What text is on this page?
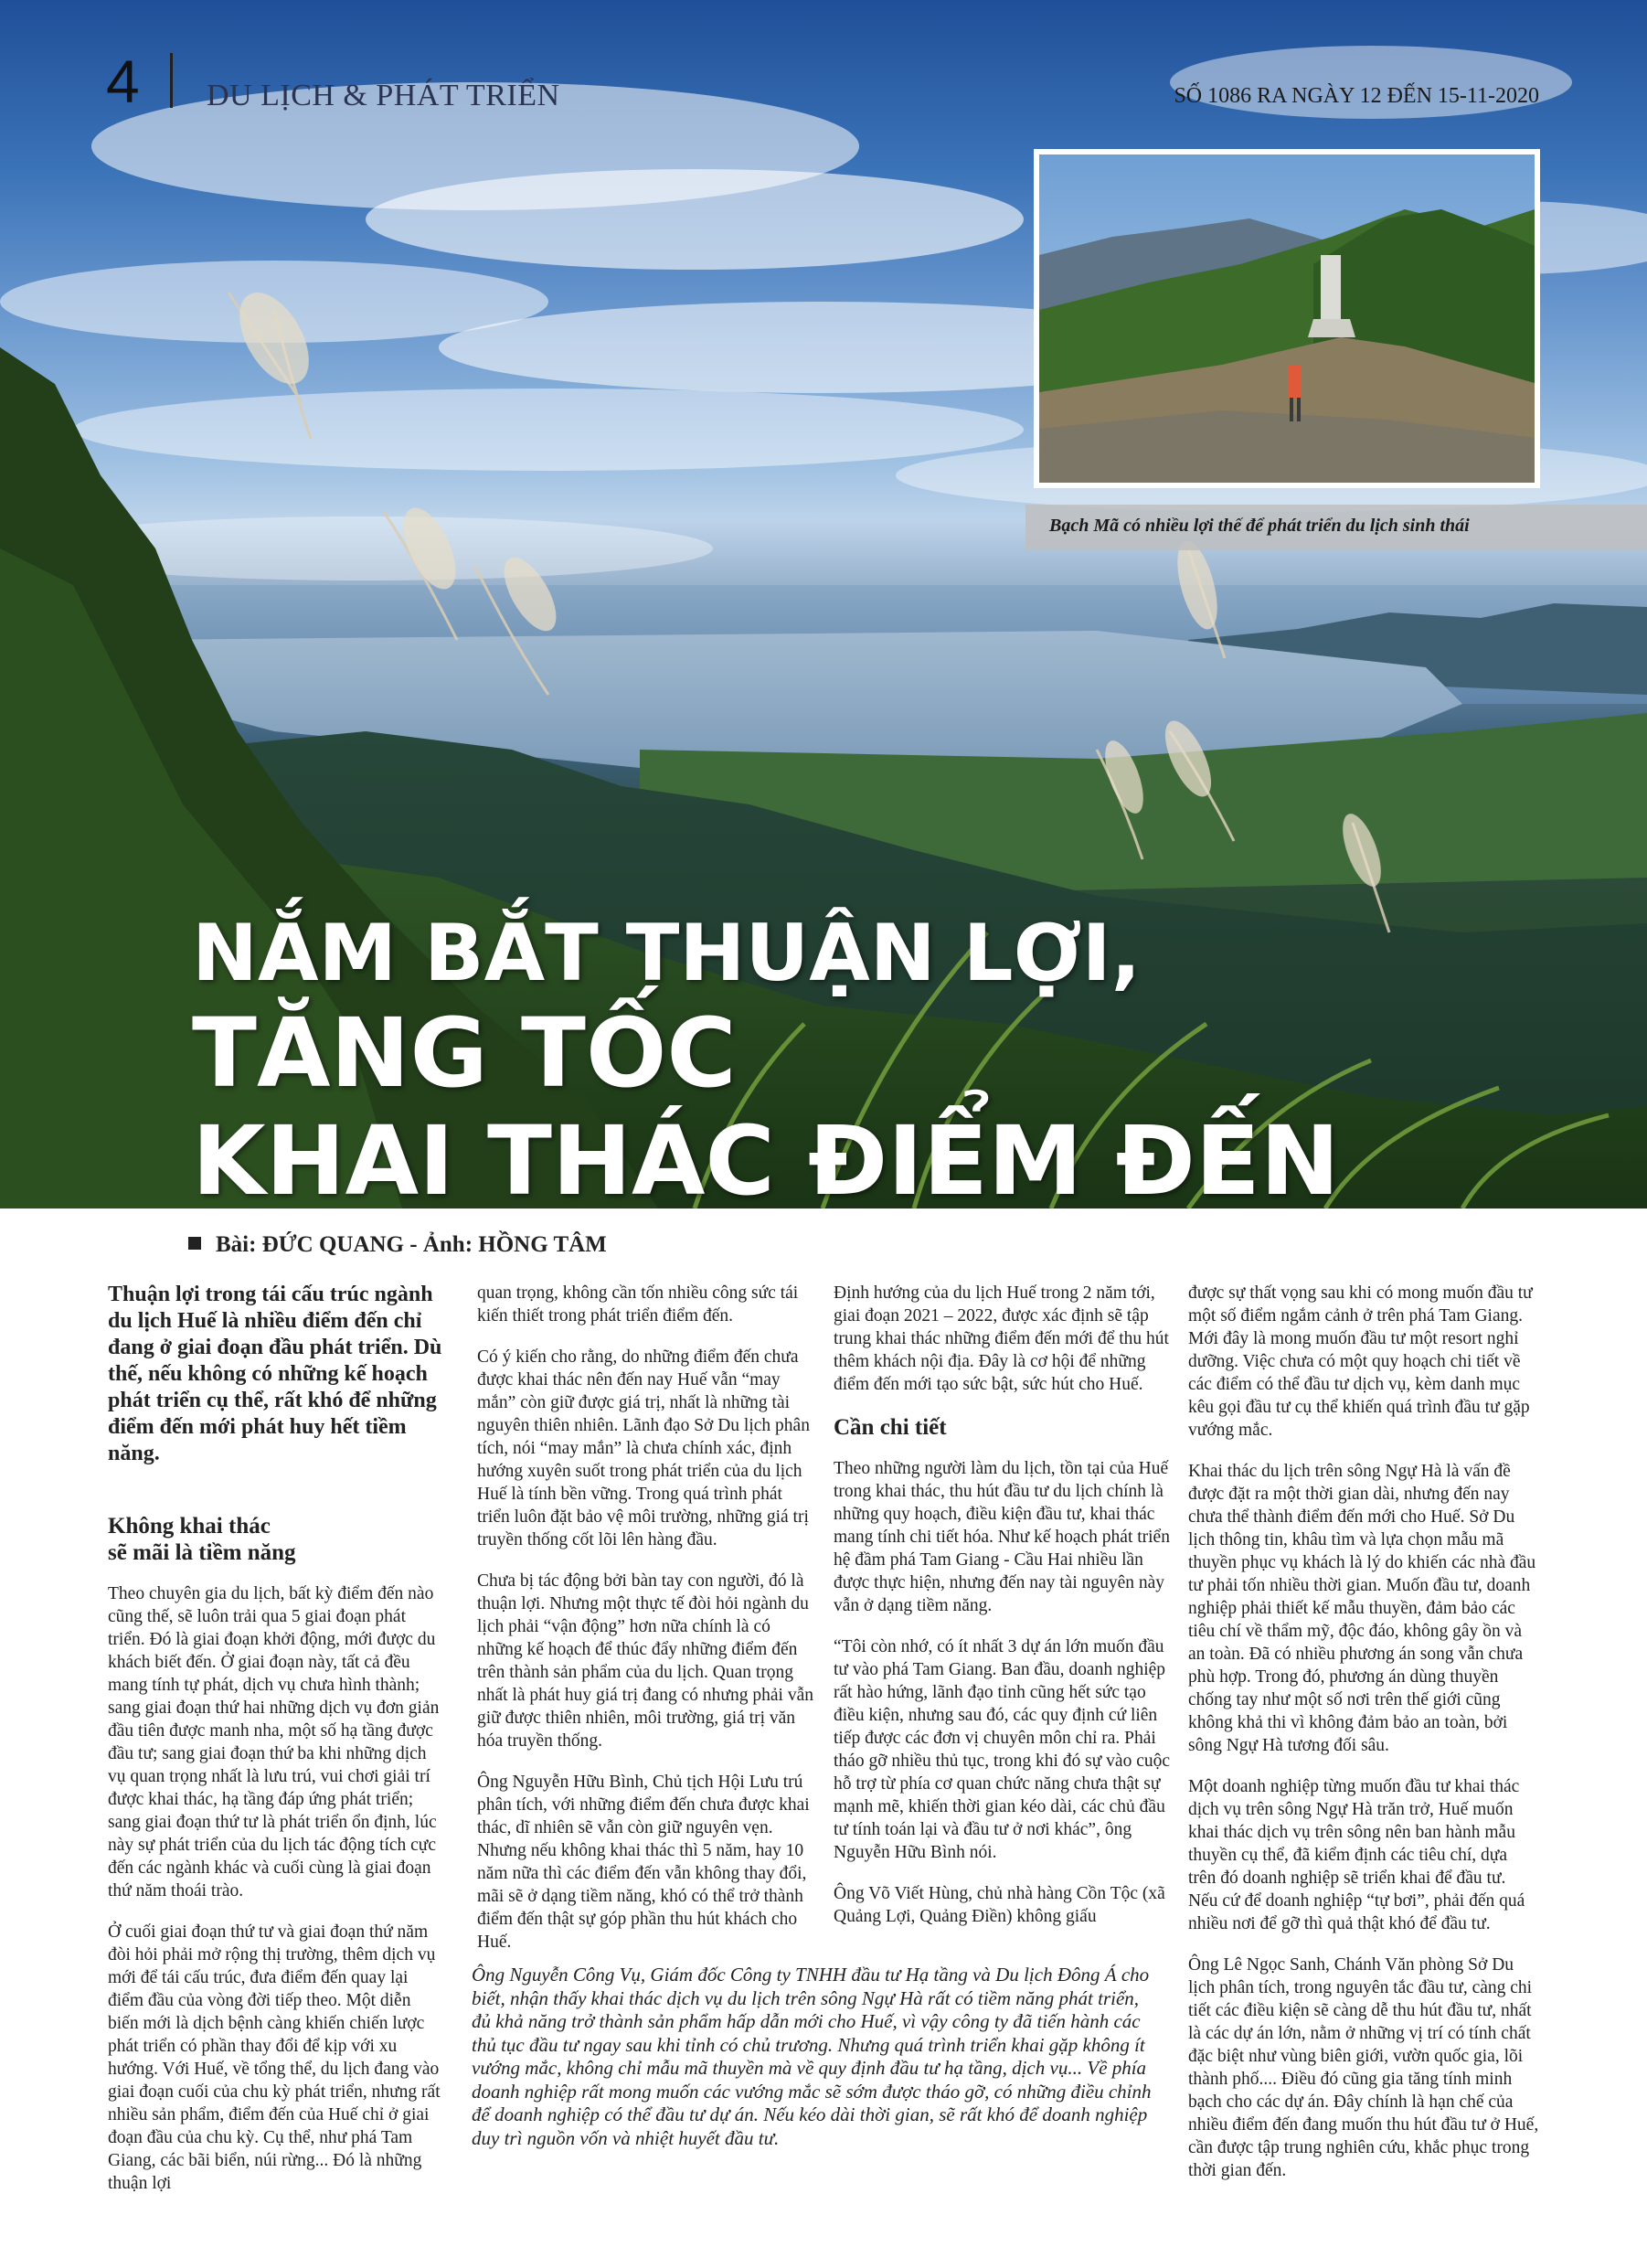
4 DU LỊCH & PHÁT TRIỂN	SỐ 1086 RA NGÀY 12 ĐẾN 15-11-2020
Bạch Mã có nhiều lợi thế để phát triển du lịch sinh thái
NẮM BẮT THUẬN LỢI,
TĂNG TỐC
KHAI THÁC ĐIỂM ĐẾN
Bài: ĐỨC QUANG - Ảnh: HỒNG TÂM

Thuận lợi trong tái cấu trúc ngành du lịch Huế là nhiều điểm đến chỉ đang ở giai đoạn đầu phát triển. Dù thế, nếu không có những kế hoạch phát triển cụ thể, rất khó để những điểm đến mới phát huy hết tiềm năng.

Không khai thác
sẽ mãi là tiềm năng

Theo chuyên gia du lịch, bất kỳ điểm đến nào cũng thế, sẽ luôn trải qua 5 giai đoạn phát triển. Đó là giai đoạn khởi động, mới được du khách biết đến. Ở giai đoạn này, tất cả đều mang tính tự phát, dịch vụ chưa hình thành; sang giai đoạn thứ hai những dịch vụ đơn giản đầu tiên được manh nha, một số hạ tầng được đầu tư; sang giai đoạn thứ ba khi những dịch vụ quan trọng nhất là lưu trú, vui chơi giải trí được khai thác, hạ tầng đáp ứng phát triển; sang giai đoạn thứ tư là phát triển ổn định, lúc này sự phát triển của du lịch tác động tích cực đến các ngành khác và cuối cùng là giai đoạn thứ năm thoái trào.

Ở cuối giai đoạn thứ tư và giai đoạn thứ năm đòi hỏi phải mở rộng thị trường, thêm dịch vụ mới để tái cấu trúc, đưa điểm đến quay lại điểm đầu của vòng đời tiếp theo. Một diễn biến mới là dịch bệnh càng khiến chiến lược phát triển có phần thay đổi để kịp với xu hướng. Với Huế, về tổng thể, du lịch đang vào giai đoạn cuối của chu kỳ phát triển, nhưng rất nhiều sản phẩm, điểm đến của Huế chỉ ở giai đoạn đầu của chu kỳ. Cụ thể, như phá Tam Giang, các bãi biển, núi rừng... Đó là những thuận lợi

quan trọng, không cần tốn nhiều công sức tái kiến thiết trong phát triển điểm đến.

Có ý kiến cho rằng, do những điểm đến chưa được khai thác nên đến nay Huế vẫn “may mắn” còn giữ được giá trị, nhất là những tài nguyên thiên nhiên. Lãnh đạo Sở Du lịch phân tích, nói “may mắn” là chưa chính xác, định hướng xuyên suốt trong phát triển của du lịch Huế là tính bền vững. Trong quá trình phát triển luôn đặt bảo vệ môi trường, những giá trị truyền thống cốt lõi lên hàng đầu.

Chưa bị tác động bởi bàn tay con người, đó là thuận lợi. Nhưng một thực tế đòi hỏi ngành du lịch phải “vận động” hơn nữa chính là có những kế hoạch để thúc đẩy những điểm đến trên thành sản phẩm của du lịch. Quan trọng nhất là phát huy giá trị đang có nhưng phải vẫn giữ được thiên nhiên, môi trường, giá trị văn hóa truyền thống.

Ông Nguyễn Hữu Bình, Chủ tịch Hội Lưu trú phân tích, với những điểm đến chưa được khai thác, dĩ nhiên sẽ vẫn còn giữ nguyên vẹn. Nhưng nếu không khai thác thì 5 năm, hay 10 năm nữa thì các điểm đến vẫn không thay đổi, mãi sẽ ở dạng tiềm năng, khó có thể trở thành điểm đến thật sự góp phần thu hút khách cho Huế.

Định hướng của du lịch Huế trong 2 năm tới, giai đoạn 2021 – 2022, được xác định sẽ tập trung khai thác những điểm đến mới để thu hút thêm khách nội địa. Đây là cơ hội để những điểm đến mới tạo sức bật, sức hút cho Huế.

Cần chi tiết

Theo những người làm du lịch, tồn tại của Huế trong khai thác, thu hút đầu tư du lịch chính là những quy hoạch, điều kiện đầu tư, khai thác mang tính chi tiết hóa. Như kế hoạch phát triển hệ đầm phá Tam Giang - Cầu Hai nhiều lần được thực hiện, nhưng đến nay tài nguyên này vẫn ở dạng tiềm năng.

“Tôi còn nhớ, có ít nhất 3 dự án lớn muốn đầu tư vào phá Tam Giang. Ban đầu, doanh nghiệp rất hào hứng, lãnh đạo tỉnh cũng hết sức tạo điều kiện, nhưng sau đó, các quy định cứ liên tiếp được các đơn vị chuyên môn chỉ ra. Phải tháo gỡ nhiều thủ tục, trong khi đó sự vào cuộc hỗ trợ từ phía cơ quan chức năng chưa thật sự mạnh mẽ, khiến thời gian kéo dài, các chủ đầu tư tính toán lại và đầu tư ở nơi khác”, ông Nguyễn Hữu Bình nói.

Ông Võ Viết Hùng, chủ nhà hàng Cồn Tộc (xã Quảng Lợi, Quảng Điền) không giấu

được sự thất vọng sau khi có mong muốn đầu tư một số điểm ngắm cảnh ở trên phá Tam Giang. Mới đây là mong muốn đầu tư một resort nghỉ dưỡng. Việc chưa có một quy hoạch chi tiết về các điểm có thể đầu tư dịch vụ, kèm danh mục kêu gọi đầu tư cụ thể khiến quá trình đầu tư gặp vướng mắc.

Khai thác du lịch trên sông Ngự Hà là vấn đề được đặt ra một thời gian dài, nhưng đến nay chưa thể thành điểm đến mới cho Huế. Sở Du lịch thông tin, khâu tìm và lựa chọn mẫu mã thuyền phục vụ khách là lý do khiến các nhà đầu tư phải tốn nhiều thời gian. Muốn đầu tư, doanh nghiệp phải thiết kế mẫu thuyền, đảm bảo các tiêu chí về thẩm mỹ, độc đáo, không gây ồn và an toàn. Đã có nhiều phương án song vẫn chưa phù hợp. Trong đó, phương án dùng thuyền chống tay như một số nơi trên thế giới cũng không khả thi vì không đảm bảo an toàn, bởi sông Ngự Hà tương đối sâu.

Một doanh nghiệp từng muốn đầu tư khai thác dịch vụ trên sông Ngự Hà trăn trở, Huế muốn khai thác dịch vụ trên sông nên ban hành mẫu thuyền cụ thể, đã kiểm định các tiêu chí, dựa trên đó doanh nghiệp sẽ triển khai để đầu tư. Nếu cứ để doanh nghiệp “tự bơi”, phải đến quá nhiều nơi để gỡ thì quả thật khó để đầu tư.

Ông Lê Ngọc Sanh, Chánh Văn phòng Sở Du lịch phân tích, trong nguyên tắc đầu tư, càng chi tiết các điều kiện sẽ càng dễ thu hút đầu tư, nhất là các dự án lớn, nằm ở những vị trí có tính chất đặc biệt như vùng biên giới, vườn quốc gia, lõi thành phố.... Điều đó cũng gia tăng tính minh bạch cho các dự án. Đây chính là hạn chế của nhiều điểm đến đang muốn thu hút đầu tư ở Huế, cần được tập trung nghiên cứu, khắc phục trong thời gian đến.

Ông Nguyễn Công Vụ, Giám đốc Công ty TNHH đầu tư Hạ tầng và Du lịch Đông Á cho biết, nhận thấy khai thác dịch vụ du lịch trên sông Ngự Hà rất có tiềm năng phát triển, đủ khả năng trở thành sản phẩm hấp dẫn mới cho Huế, vì vậy công ty đã tiến hành các thủ tục đầu tư ngay sau khi tỉnh có chủ trương. Nhưng quá trình triển khai gặp không ít vướng mắc, không chỉ mẫu mã thuyền mà về quy định đầu tư hạ tầng, dịch vụ... Về phía doanh nghiệp rất mong muốn các vướng mắc sẽ sớm được tháo gỡ, có những điều chỉnh để doanh nghiệp có thể đầu tư dự án. Nếu kéo dài thời gian, sẽ rất khó để doanh nghiệp duy trì nguồn vốn và nhiệt huyết đầu tư.
